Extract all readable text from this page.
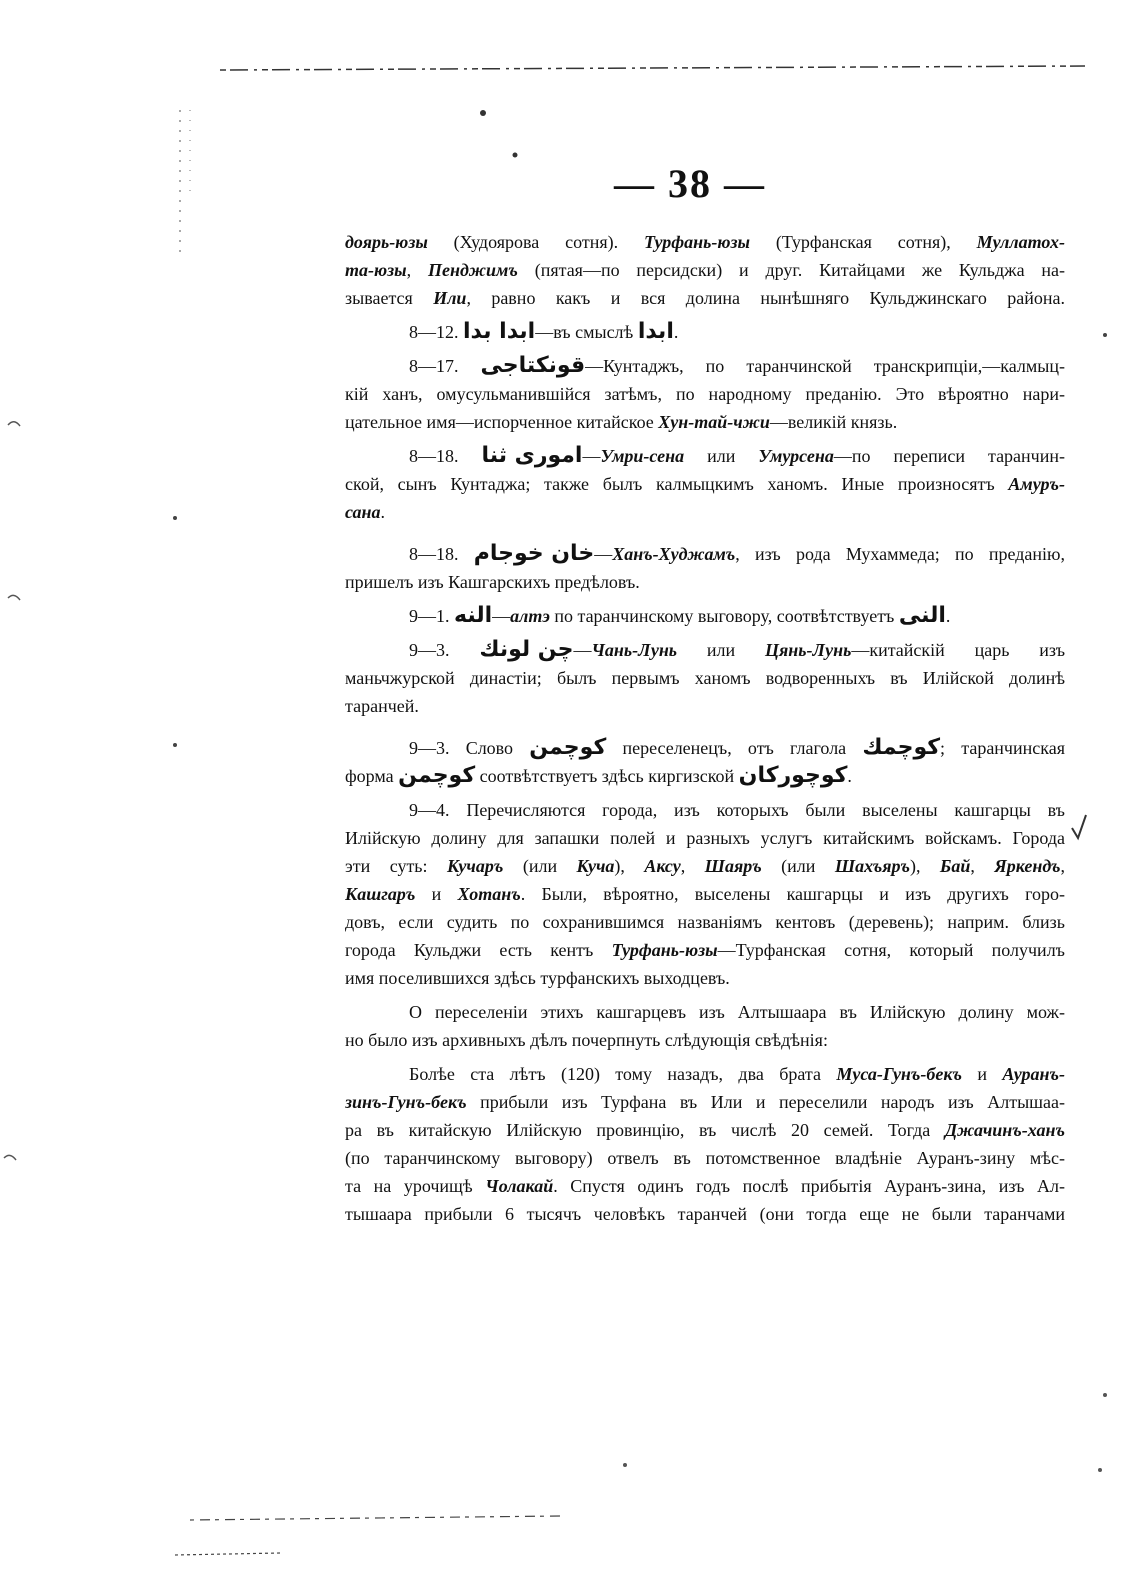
— 38 —
доярь-юзы (Худоярова сотня). Турфань-юзы (Турфанская сотня), Муллатох-
та-юзы, Пенджимъ (пятая—по персидски) и друг. Китайцами же Кульджа на-
зывается Или, равно какъ и вся долина нынѣшняго Кульджинскаго района.
8—12. ابدا بدا—въ смыслѣ ابدا.
8—17. قونكتاجى—Кунтаджъ, по таранчинской транскрипціи,—калмыц-
кій ханъ, омусульманившійся затѣмъ, по народному преданію. Это вѣроятно нари-
цательное имя—испорченное китайское Хун-тай-чжи—великій князь.
8—18. امورى ثنا—Умри-сена или Умурсена—по переписи таранчин-
ской, сынъ Кунтаджа; также былъ калмыцкимъ ханомъ. Иные произносятъ Амуръ-
сана.
8—18. خان خوجام—Ханъ-Худжамъ, изъ рода Мухаммеда; по преданію,
пришелъ изъ Кашгарскихъ предѣловъ.
9—1. النه—алтэ по таранчинскому выговору, соотвѣтствуетъ النى.
9—3. چن لونك—Чань-Лунь или Цянь-Лунь—китайскій царь изъ
маньчжурской династіи; былъ первымъ ханомъ водворенныхъ въ Илійской долинѣ
таранчей.
9—3. Слово كوچمن переселенецъ, отъ глагола كوچمك; таранчинская
форма كوچمن соотвѣтствуетъ здѣсь киргизской كوچوركان.
9—4. Перечисляются города, изъ которыхъ были выселены кашгарцы въ
Илійскую долину для запашки полей и разныхъ услугъ китайскимъ войскамъ. Города
эти суть: Кучаръ (или Куча), Аксу, Шаяръ (или Шахъяръ), Бай, Яркендъ,
Кашгаръ и Хотанъ. Были, вѣроятно, выселены кашгарцы и изъ другихъ горо-
довъ, если судить по сохранившимся названіямъ кентовъ (деревень); наприм. близь
города Кульджи есть кентъ Турфань-юзы—Турфанская сотня, который получилъ
имя поселившихся здѣсь турфанскихъ выходцевъ.
О переселеніи этихъ кашгарцевъ изъ Алтышаара въ Илійскую долину мож-
но было изъ архивныхъ дѣлъ почерпнуть слѣдующія свѣдѣнія:
Болѣе ста лѣтъ (120) тому назадъ, два брата Муса-Гунъ-бекъ и Ауранъ-
зинъ-Гунъ-бекъ прибыли изъ Турфана въ Или и переселили народъ изъ Алтышаа-
ра въ китайскую Илійскую провинцію, въ числѣ 20 семей. Тогда Джачинъ-ханъ
(по таранчинскому выговору) отвелъ въ потомственное владѣніе Ауранъ-зину мѣс-
та на урочищѣ Чолакай. Спустя одинъ годъ послѣ прибытія Ауранъ-зина, изъ Ал-
тышаара прибыли 6 тысячъ человѣкъ таранчей (они тогда еще не были таранчами
